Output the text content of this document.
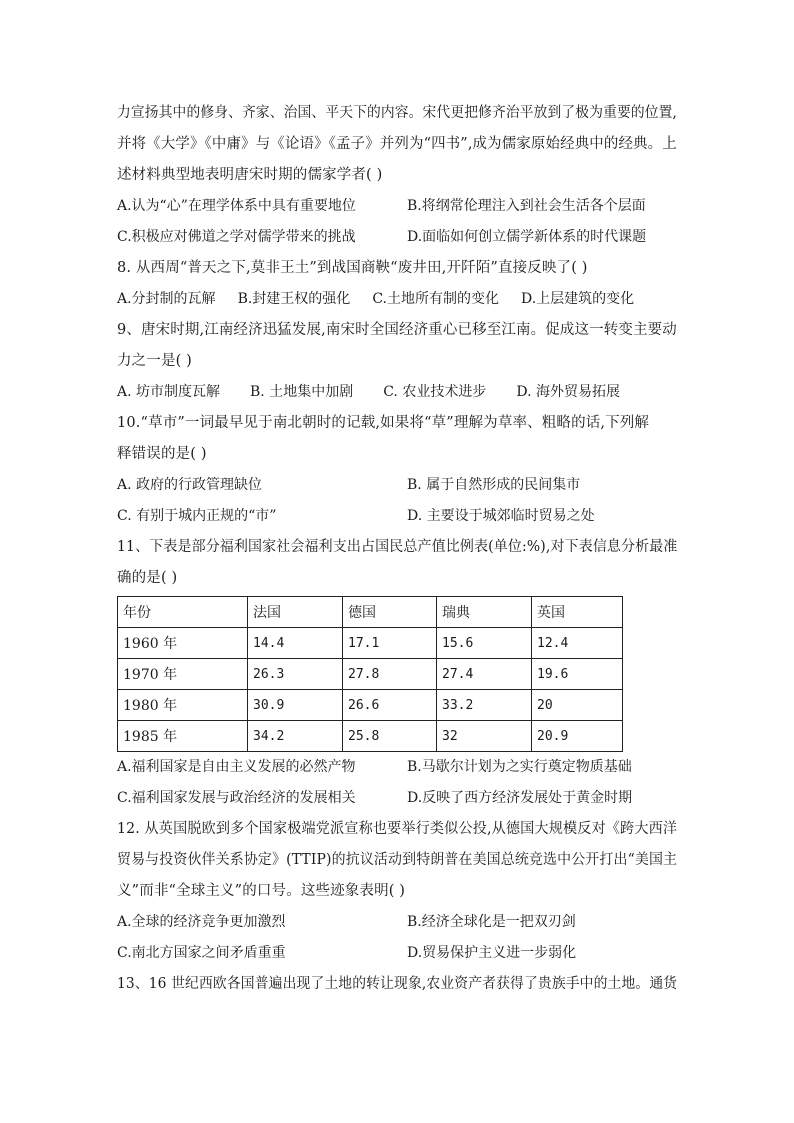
力宣扬其中的修身、齐家、治国、平天下的内容。宋代更把修齐治平放到了极为重要的位置,
并将《大学》《中庸》与《论语》《孟子》并列为“四书”,成为儒家原始经典中的经典。上
述材料典型地表明唐宋时期的儒家学者( )
A.认为“心”在理学体系中具有重要地位	B.将纲常伦理注入到社会生活各个层面
C.积极应对佛道之学对儒学带来的挑战	D.面临如何创立儒学新体系的时代课题
8. 从西周“普天之下,莫非王土”到战国商鞅“废井田,开阡陌”直接反映了( )
A.分封制的瓦解 B.封建王权的强化 C.土地所有制的变化 D.上层建筑的变化
9、唐宋时期,江南经济迅猛发展,南宋时全国经济重心已移至江南。促成这一转变主要动
力之一是( )
A. 坊市制度瓦解 B. 土地集中加剧 C. 农业技术进步 D. 海外贸易拓展
10.“草市”一词最早见于南北朝时的记载,如果将“草”理解为草率、粗略的话,下列解
释错误的是( )
A. 政府的行政管理缺位	B. 属于自然形成的民间集市
C. 有别于城内正规的“市”	D. 主要设于城郊临时贸易之处
11、下表是部分福利国家社会福利支出占国民总产值比例表(单位:%),对下表信息分析最准
确的是( )
年份	法国	德国	瑞典	英国
1960 年	14.4	17.1	15.6	12.4
1970 年	26.3	27.8	27.4	19.6
1980 年	30.9	26.6	33.2	20
1985 年	34.2	25.8	32	20.9
A.福利国家是自由主义发展的必然产物	B.马歇尔计划为之实行奠定物质基础
C.福利国家发展与政治经济的发展相关	D.反映了西方经济发展处于黄金时期
12. 从英国脱欧到多个国家极端党派宣称也要举行类似公投,从德国大规模反对《跨大西洋
贸易与投资伙伴关系协定》(TTIP)的抗议活动到特朗普在美国总统竞选中公开打出“美国主
义”而非“全球主义”的口号。这些迹象表明( )
A.全球的经济竞争更加激烈	B.经济全球化是一把双刃剑
C.南北方国家之间矛盾重重	D.贸易保护主义进一步弱化
13、16 世纪西欧各国普遍出现了土地的转让现象,农业资产者获得了贵族手中的土地。通货
